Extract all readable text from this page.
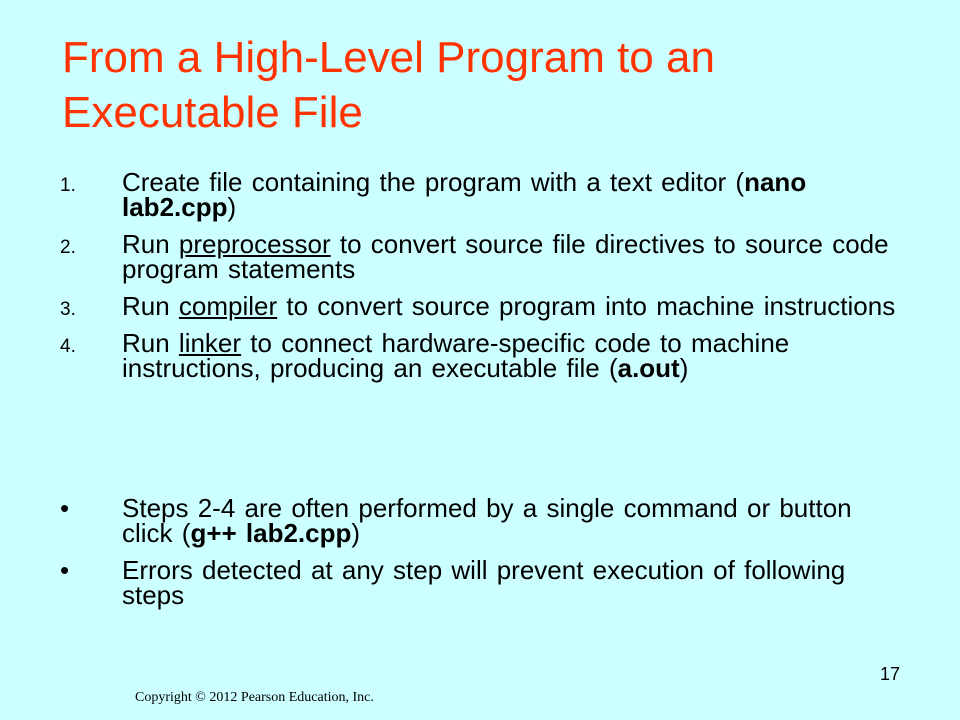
From a High-Level Program to an Executable File
1. Create file containing the program with a text editor (nano lab2.cpp)
2. Run preprocessor to convert source file directives to source code program statements
3. Run compiler to convert source program into machine instructions
4. Run linker to connect hardware-specific code to machine instructions, producing an executable file (a.out)
• Steps 2-4 are often performed by a single command or button click (g++ lab2.cpp)
• Errors detected at any step will prevent execution of following steps
17
Copyright © 2012 Pearson Education, Inc.
